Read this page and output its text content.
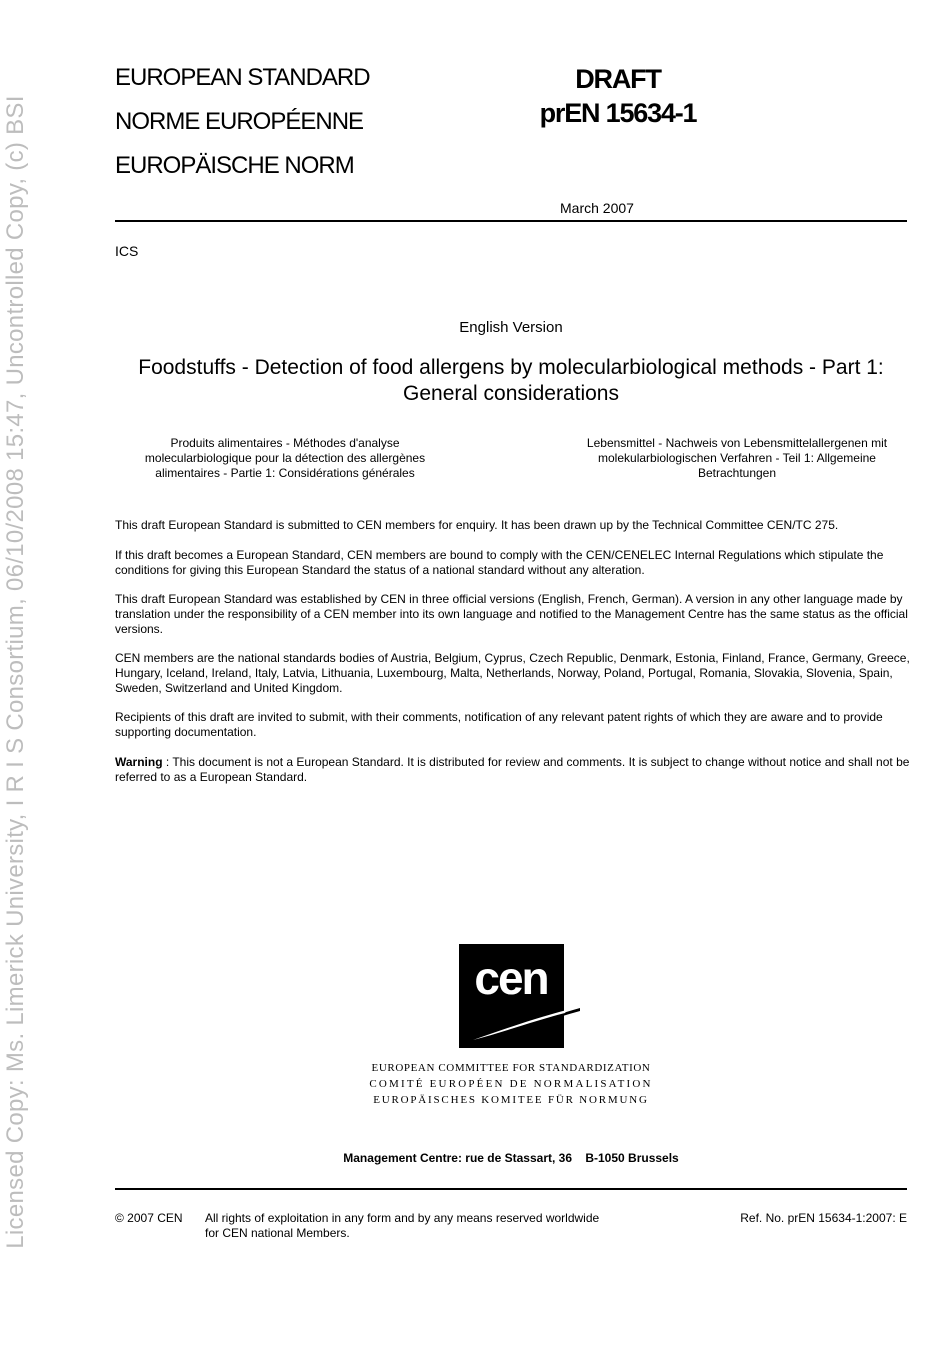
Licensed Copy: Ms. Limerick University, I R I S Consortium, 06/10/2008 15:47, Uncontrolled Copy, (c) BSI
EUROPEAN STANDARD
NORME EUROPÉENNE
EUROPÄISCHE NORM
DRAFT
prEN 15634-1
March 2007
ICS
English Version
Foodstuffs - Detection of food allergens by molecularbiological methods - Part 1: General considerations
Produits alimentaires - Méthodes d'analyse molecularbiologique pour la détection des allergènes alimentaires - Partie 1: Considérations générales
Lebensmittel - Nachweis von Lebensmittelallergenen mit molekularbiologischen Verfahren - Teil 1: Allgemeine Betrachtungen
This draft European Standard is submitted to CEN members for enquiry. It has been drawn up by the Technical Committee CEN/TC 275.
If this draft becomes a European Standard, CEN members are bound to comply with the CEN/CENELEC Internal Regulations which stipulate the conditions for giving this European Standard the status of a national standard without any alteration.
This draft European Standard was established by CEN in three official versions (English, French, German). A version in any other language made by translation under the responsibility of a CEN member into its own language and notified to the Management Centre has the same status as the official versions.
CEN members are the national standards bodies of Austria, Belgium, Cyprus, Czech Republic, Denmark, Estonia, Finland, France, Germany, Greece, Hungary, Iceland, Ireland, Italy, Latvia, Lithuania, Luxembourg, Malta, Netherlands, Norway, Poland, Portugal, Romania, Slovakia, Slovenia, Spain, Sweden, Switzerland and United Kingdom.
Recipients of this draft are invited to submit, with their comments, notification of any relevant patent rights of which they are aware and to provide supporting documentation.
Warning : This document is not a European Standard. It is distributed for review and comments. It is subject to change without notice and shall not be referred to as a European Standard.
cen
EUROPEAN COMMITTEE FOR STANDARDIZATION
COMITÉ EUROPÉEN DE NORMALISATION
EUROPÄISCHES KOMITEE FÜR NORMUNG
Management Centre: rue de Stassart, 36    B-1050 Brussels
© 2007 CEN All rights of exploitation in any form and by any means reserved worldwide for CEN national Members.
Ref. No. prEN 15634-1:2007: E
